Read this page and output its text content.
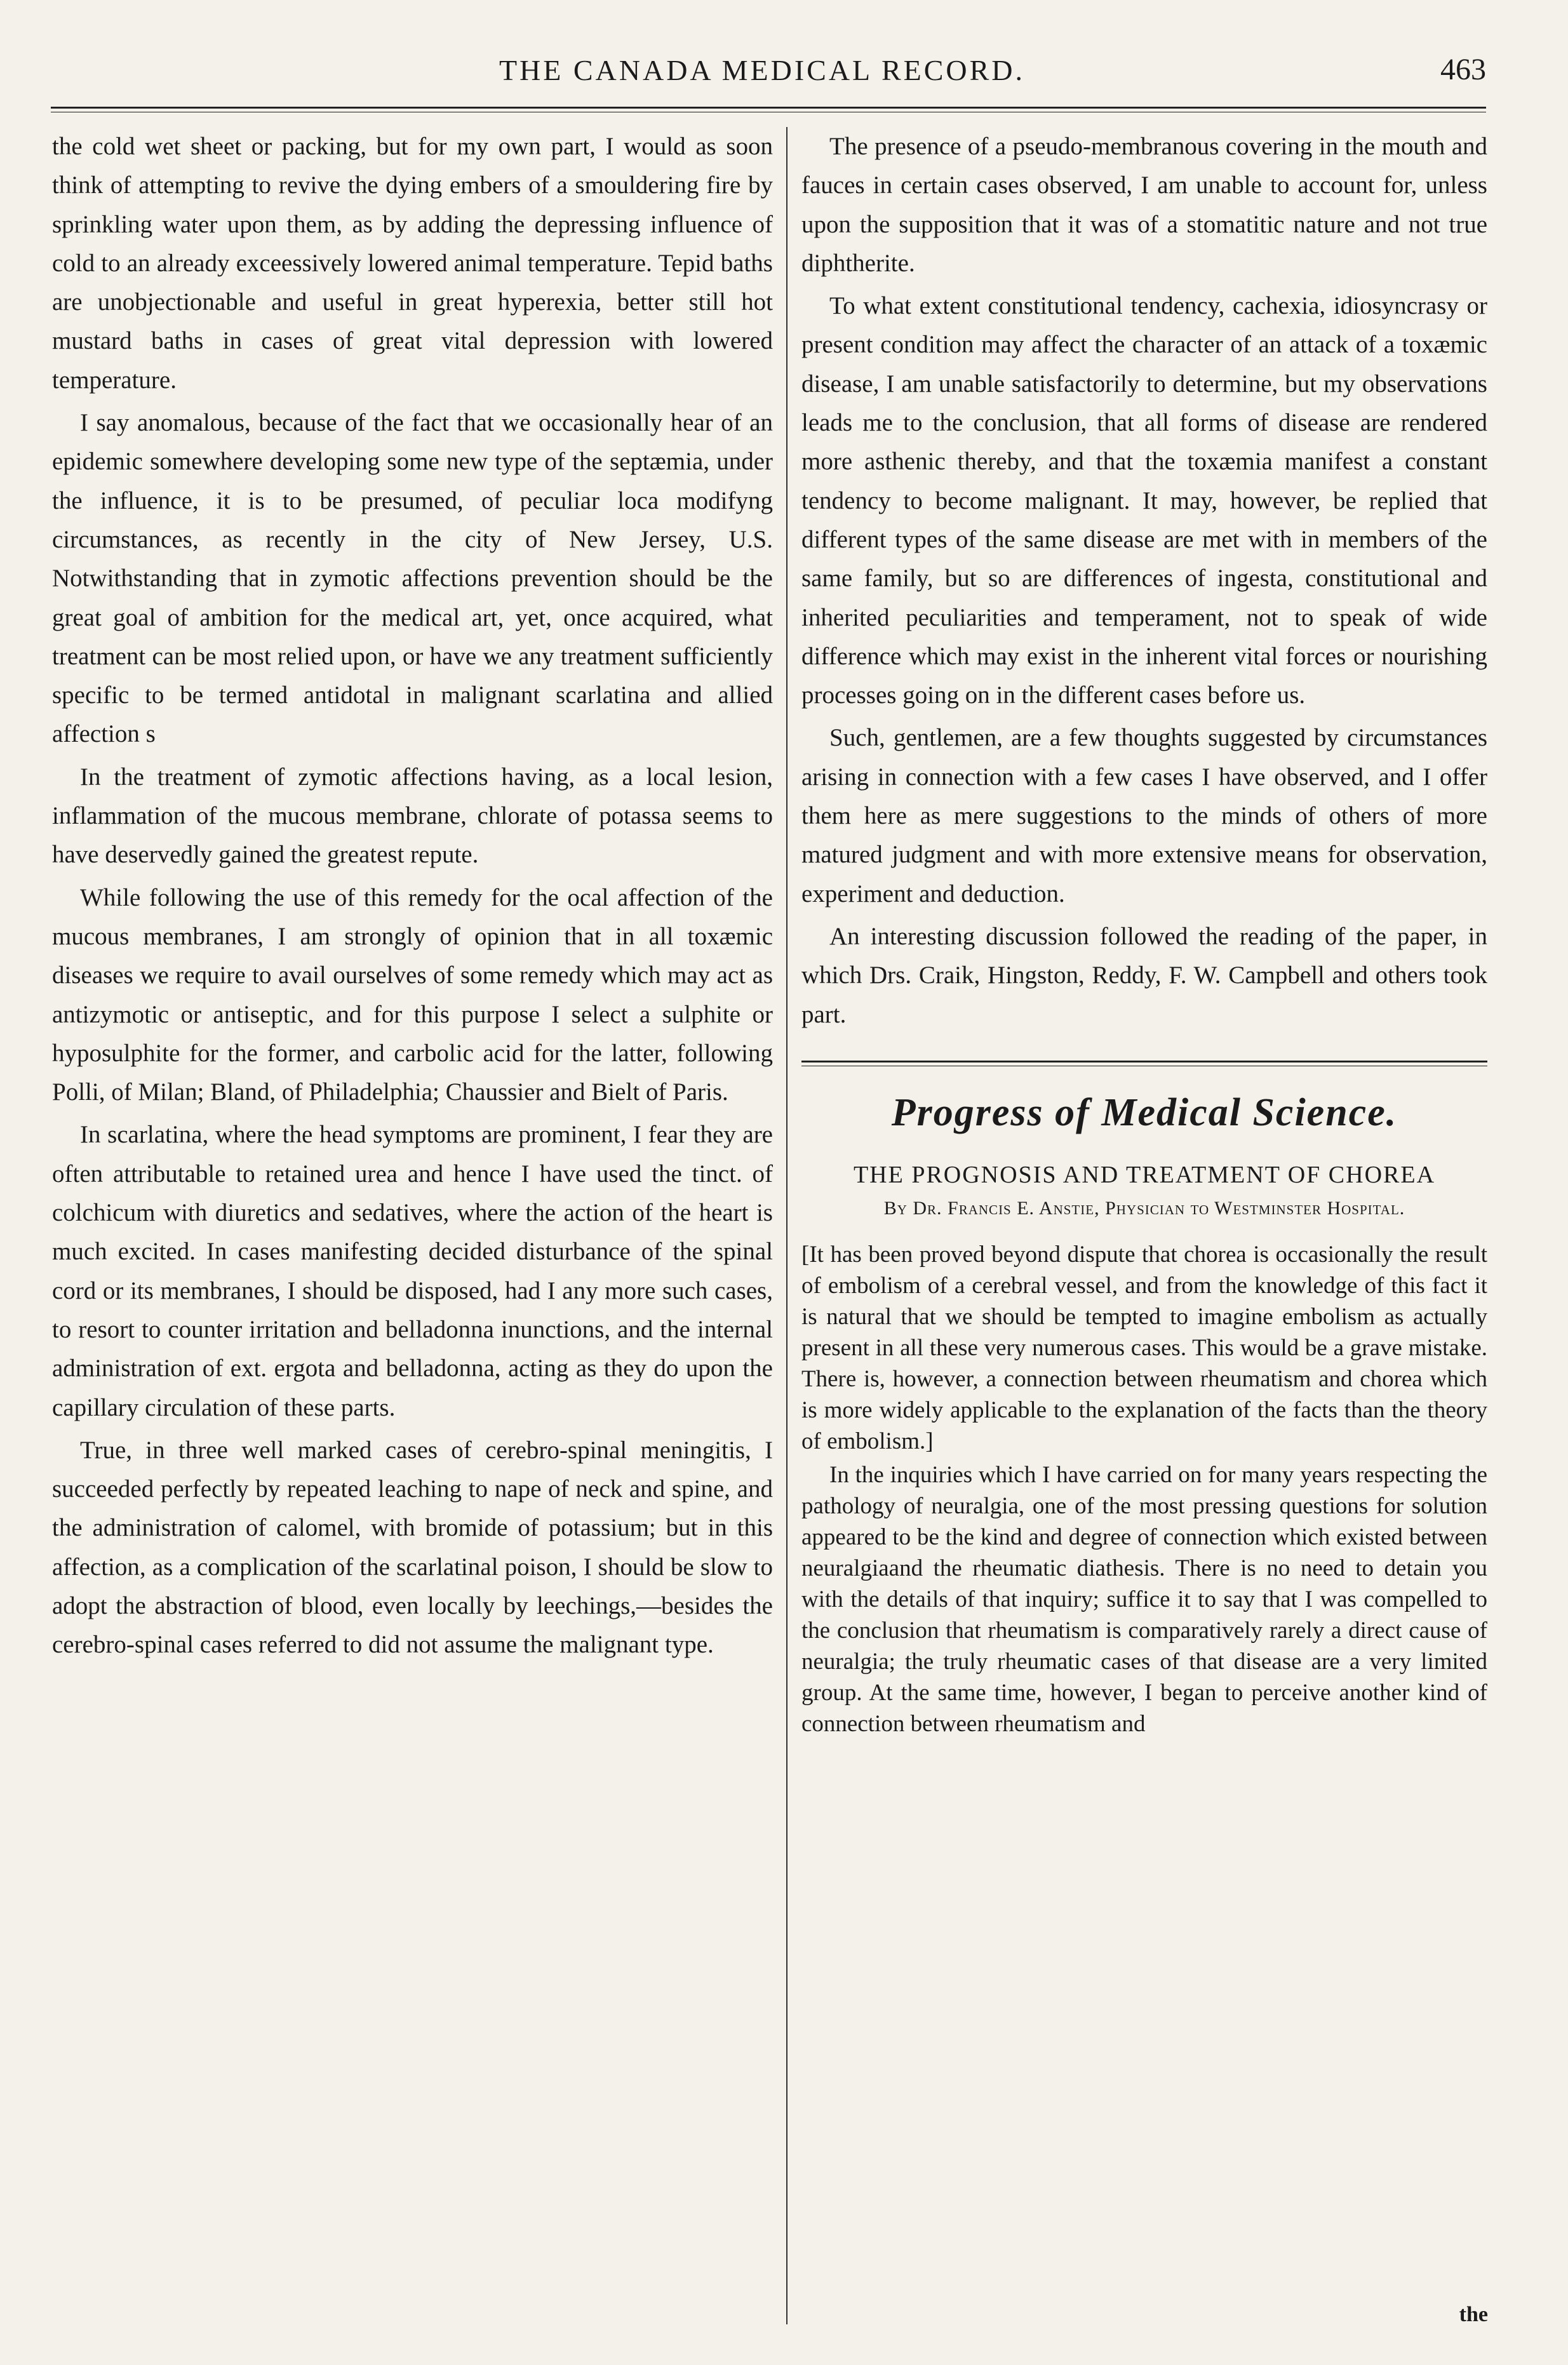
THE CANADA MEDICAL RECORD.	463

the cold wet sheet or packing, but for my own part, I would as soon think of attempting to revive the dying embers of a smouldering fire by sprinkling water upon them, as by adding the depressing influence of cold to an already exceessively lowered animal temperature. Tepid baths are unobjectionable and useful in great hyperexia, better still hot mustard baths in cases of great vital depression with lowered temperature.

I say anomalous, because of the fact that we occasionally hear of an epidemic somewhere developing some new type of the septæmia, under the influence, it is to be presumed, of peculiar loca modifyng circumstances, as recently in the city of New Jersey, U.S. Notwithstanding that in zymotic affections prevention should be the great goal of ambition for the medical art, yet, once acquired, what treatment can be most relied upon, or have we any treatment sufficiently specific to be termed antidotal in malignant scarlatina and allied affection s

In the treatment of zymotic affections having, as a local lesion, inflammation of the mucous membrane, chlorate of potassa seems to have deservedly gained the greatest repute.

While following the use of this remedy for the ocal affection of the mucous membranes, I am strongly of opinion that in all toxæmic diseases we require to avail ourselves of some remedy which may act as antizymotic or antiseptic, and for this purpose I select a sulphite or hyposulphite for the former, and carbolic acid for the latter, following Polli, of Milan; Bland, of Philadelphia; Chaussier and Bielt of Paris.

In scarlatina, where the head symptoms are prominent, I fear they are often attributable to retained urea and hence I have used the tinct. of colchicum with diuretics and sedatives, where the action of the heart is much excited. In cases manifesting decided disturbance of the spinal cord or its membranes, I should be disposed, had I any more such cases, to resort to counter irritation and belladonna inunctions, and the internal administration of ext. ergota and belladonna, acting as they do upon the capillary circulation of these parts.

True, in three well marked cases of cerebro-spinal meningitis, I succeeded perfectly by repeated leaching to nape of neck and spine, and the administration of calomel, with bromide of potassium; but in this affection, as a complication of the scarlatinal poison, I should be slow to adopt the abstraction of blood, even locally by leechings,—besides the cerebro-spinal cases referred to did not assume the malignant type.

The presence of a pseudo-membranous covering in the mouth and fauces in certain cases observed, I am unable to account for, unless upon the supposition that it was of a stomatitic nature and not true diphtherite.

To what extent constitutional tendency, cachexia, idiosyncrasy or present condition may affect the character of an attack of a toxæmic disease, I am unable satisfactorily to determine, but my observations leads me to the conclusion, that all forms of disease are rendered more asthenic thereby, and that the toxæmia manifest a constant tendency to become malignant. It may, however, be replied that different types of the same disease are met with in members of the same family, but so are differences of ingesta, constitutional and inherited peculiarities and temperament, not to speak of wide difference which may exist in the inherent vital forces or nourishing processes going on in the different cases before us.

Such, gentlemen, are a few thoughts suggested by circumstances arising in connection with a few cases I have observed, and I offer them here as mere suggestions to the minds of others of more matured judgment and with more extensive means for observation, experiment and deduction.

An interesting discussion followed the reading of the paper, in which Drs. Craik, Hingston, Reddy, F. W. Campbell and others took part.

Progress of Medical Science.
THE PROGNOSIS AND TREATMENT OF CHOREA
By Dr. Francis E. Anstie, Physician to Westminster Hospital.

[It has been proved beyond dispute that chorea is occasionally the result of embolism of a cerebral vessel, and from the knowledge of this fact it is natural that we should be tempted to imagine embolism as actually present in all these very numerous cases. This would be a grave mistake. There is, however, a connection between rheumatism and chorea which is more widely applicable to the explanation of the facts than the theory of embolism.]

In the inquiries which I have carried on for many years respecting the pathology of neuralgia, one of the most pressing questions for solution appeared to be the kind and degree of connection which existed between neuralgiaand the rheumatic diathesis. There is no need to detain you with the details of that inquiry; suffice it to say that I was compelled to the conclusion that rheumatism is comparatively rarely a direct cause of neuralgia; the truly rheumatic cases of that disease are a very limited group. At the same time, however, I began to perceive another kind of connection between rheumatism and

the
